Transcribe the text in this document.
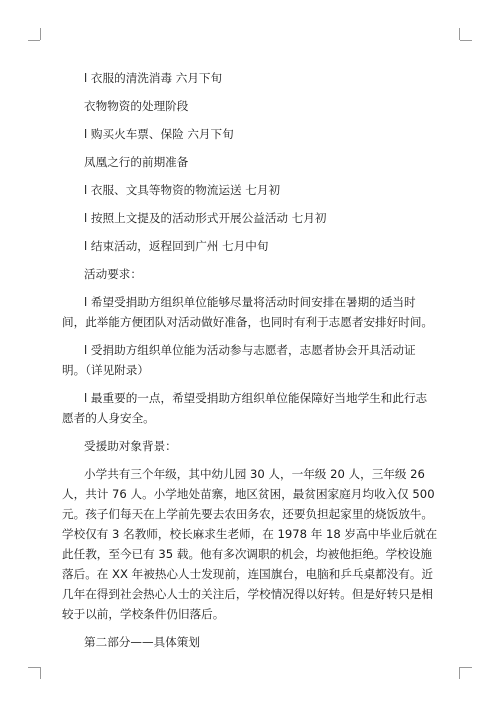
l 衣服的清洗消毒 六月下旬

衣物物资的处理阶段

l 购买火车票、保险 六月下旬

凤凰之行的前期准备

l 衣服、文具等物资的物流运送 七月初

l 按照上文提及的活动形式开展公益活动 七月初

l 结束活动，返程回到广州 七月中旬

活动要求：

l 希望受捐助方组织单位能够尽量将活动时间安排在暑期的适当时间，此举能方便团队对活动做好准备，也同时有利于志愿者安排好时间。

l 受捐助方组织单位能为活动参与志愿者，志愿者协会开具活动证明。（详见附录）

l 最重要的一点，希望受捐助方组织单位能保障好当地学生和此行志愿者的人身安全。

受援助对象背景：

小学共有三个年级，其中幼儿园 30 人，一年级 20 人，三年级 26 人，共计 76 人。小学地处苗寨，地区贫困，最贫困家庭月均收入仅 500 元。孩子们每天在上学前先要去农田务农，还要负担起家里的烧饭放牛。学校仅有 3 名教师，校长麻求生老师，在 1978 年 18 岁高中毕业后就在此任教，至今已有 35 载。他有多次调职的机会，均被他拒绝。学校设施落后。在 XX 年被热心人士发现前，连国旗台，电脑和乒乓桌都没有。近几年在得到社会热心人士的关注后，学校情况得以好转。但是好转只是相较于以前，学校条件仍旧落后。

第二部分——具体策划
